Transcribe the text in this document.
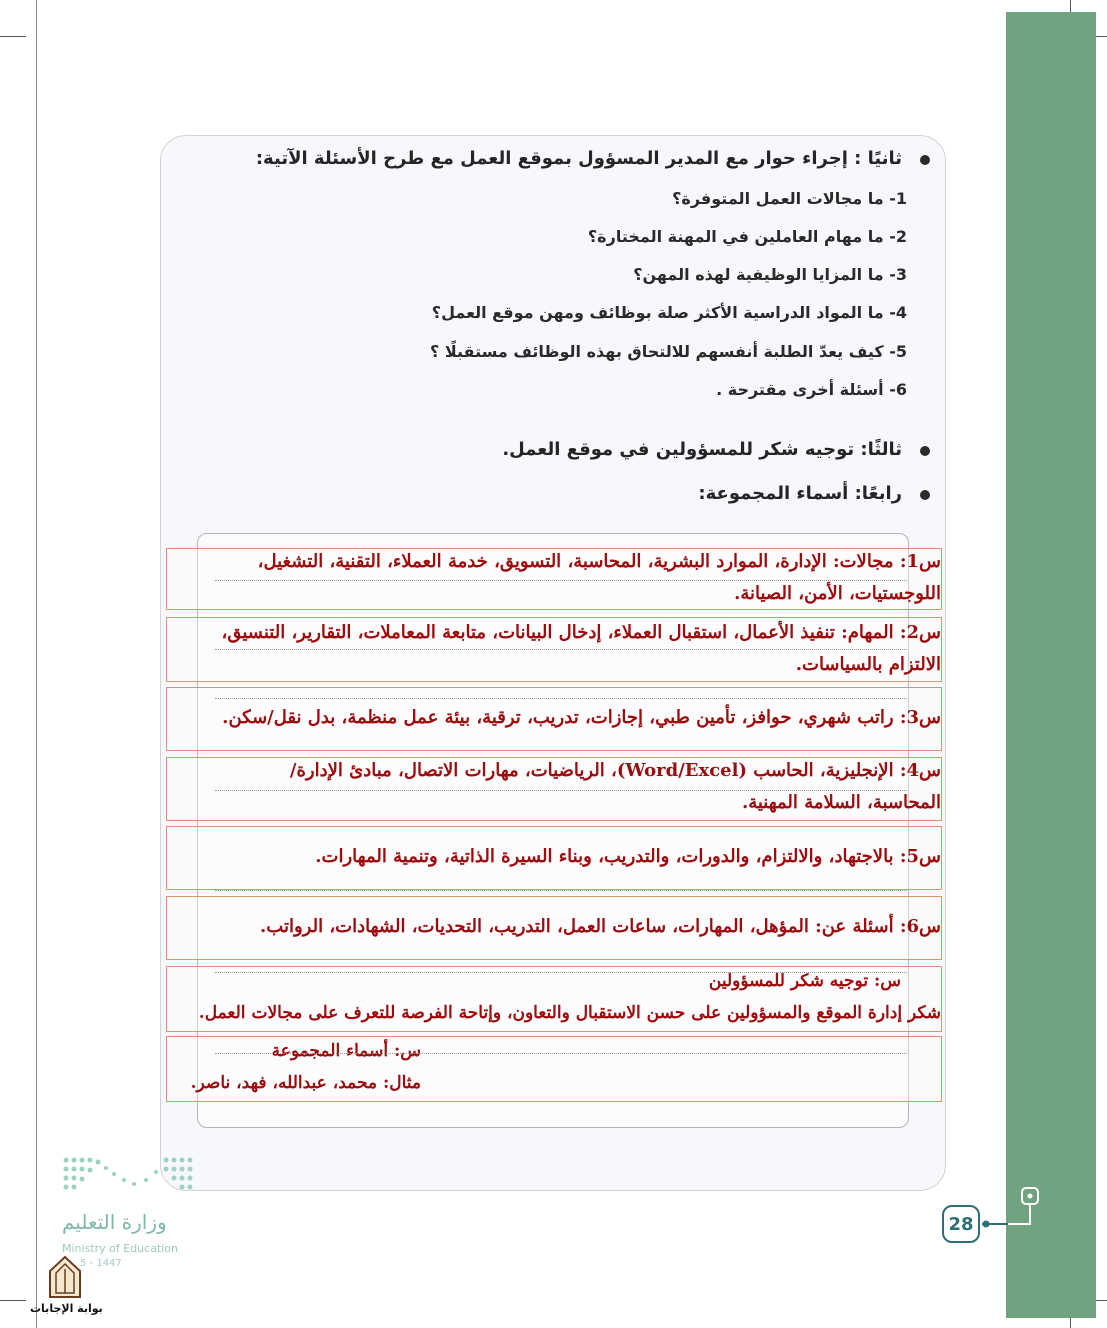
ثانيًا : إجراء حوار مع المدير المسؤول بموقع العمل مع طرح الأسئلة الآتية:
1- ما مجالات العمل المتوفرة؟
2- ما مهام العاملين في المهنة المختارة؟
3- ما المزايا الوظيفية لهذه المهن؟
4- ما المواد الدراسية الأكثر صلة بوظائف ومهن موقع العمل؟
5- كيف يعدّ الطلبة أنفسهم للالتحاق بهذه الوظائف مستقبلًا ؟
6- أسئلة أخرى مقترحة .
ثالثًا: توجيه شكر للمسؤولين في موقع العمل.
رابعًا: أسماء المجموعة:
س1: مجالات: الإدارة، الموارد البشرية، المحاسبة، التسويق، خدمة العملاء، التقنية، التشغيل،
اللوجستيات، الأمن، الصيانة.
س2: المهام: تنفيذ الأعمال، استقبال العملاء، إدخال البيانات، متابعة المعاملات، التقارير، التنسيق،
الالتزام بالسياسات.
س3: راتب شهري، حوافز، تأمين طبي، إجازات، تدريب، ترقية، بيئة عمل منظمة، بدل نقل/سكن.
س4: الإنجليزية، الحاسب (Word/Excel)، الرياضيات، مهارات الاتصال، مبادئ الإدارة/
المحاسبة، السلامة المهنية.
س5: بالاجتهاد، والالتزام، والدورات، والتدريب، وبناء السيرة الذاتية، وتنمية المهارات.
س6: أسئلة عن: المؤهل، المهارات، ساعات العمل، التدريب، التحديات، الشهادات، الرواتب.
س: توجيه شكر للمسؤولين
شكر إدارة الموقع والمسؤولين على حسن الاستقبال والتعاون، وإتاحة الفرصة للتعرف على مجالات العمل.
س: أسماء المجموعة
مثال: محمد، عبدالله، فهد، ناصر.
28
وزارة التعليم
Ministry of Education
5 - 1447
بوابة الإجابات
